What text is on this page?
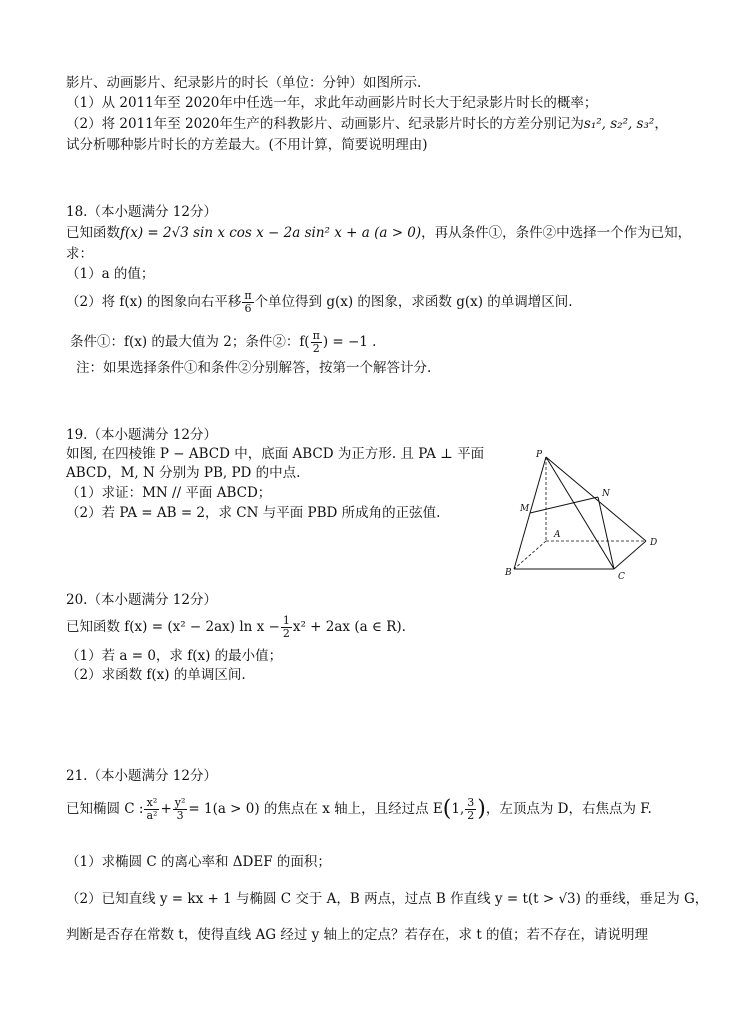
影片、动画影片、纪录影片的时长（单位：分钟）如图所示.
（1）从 2011年至 2020年中任选一年，求此年动画影片时长大于纪录影片时长的概率；
（2）将 2011年至 2020年生产的科教影片、动画影片、纪录影片时长的方差分别记为s₁², s₂², s₃²，
试分析哪种影片时长的方差最大。(不用计算，简要说明理由)
18.（本小题满分 12分）
已知函数f(x) = 2√3 sin x cos x − 2a sin² x + a (a > 0)，再从条件①，条件②中选择一个作为已知，
求：
（1）a 的值；
（2）将 f(x) 的图象向右平移 $\frac{\pi}{6}$ 个单位得到 g(x) 的图象，求函数 g(x) 的单调增区间.
条件①：f(x) 的最大值为 2；条件②：$f( \frac{\pi}{2}$ ) = −1 .
注：如果选择条件①和条件②分别解答，按第一个解答计分.
19.（本小题满分 12分）
如图, 在四棱锥 P − ABCD 中，底面 ABCD 为正方形. 且 PA ⊥ 平面
ABCD，M, N 分别为 PB, PD 的中点.
（1）求证：MN // 平面 ABCD；
（2）若 PA = AB = 2，求 CN 与平面 PBD 所成角的正弦值.
P
N
M
A
D
B	C
20.（本小题满分 12分）
已知函数 f(x) = (x² − 2ax) $\ln x - \frac{1}{2} x^2 + 2ax$ (a ∈ R).
（1）若 a = 0，求 f(x) 的最小值；
（2）求函数 f(x) 的单调区间.
21.（本小题满分 12分）
已知椭圆 C : $\frac{\text{x²}}{\text{a²}} + \frac{\text{y²}}{3} = 1(a > 0)$ 的焦点在 x 轴上，且经过点 E(1, $\frac{3}{2}$ )，左顶点为 D，右焦点为 F.
（1）求椭圆 C 的离心率和 ΔDEF 的面积；
（2）已知直线 y = kx + 1 与椭圆 C 交于 A，B 两点，过点 B 作直线 y = t(t > √3) 的垂线，垂足为 G，
判断是否存在常数 t，使得直线 AG 经过 y 轴上的定点？若存在，求 t 的值；若不存在，请说明理
